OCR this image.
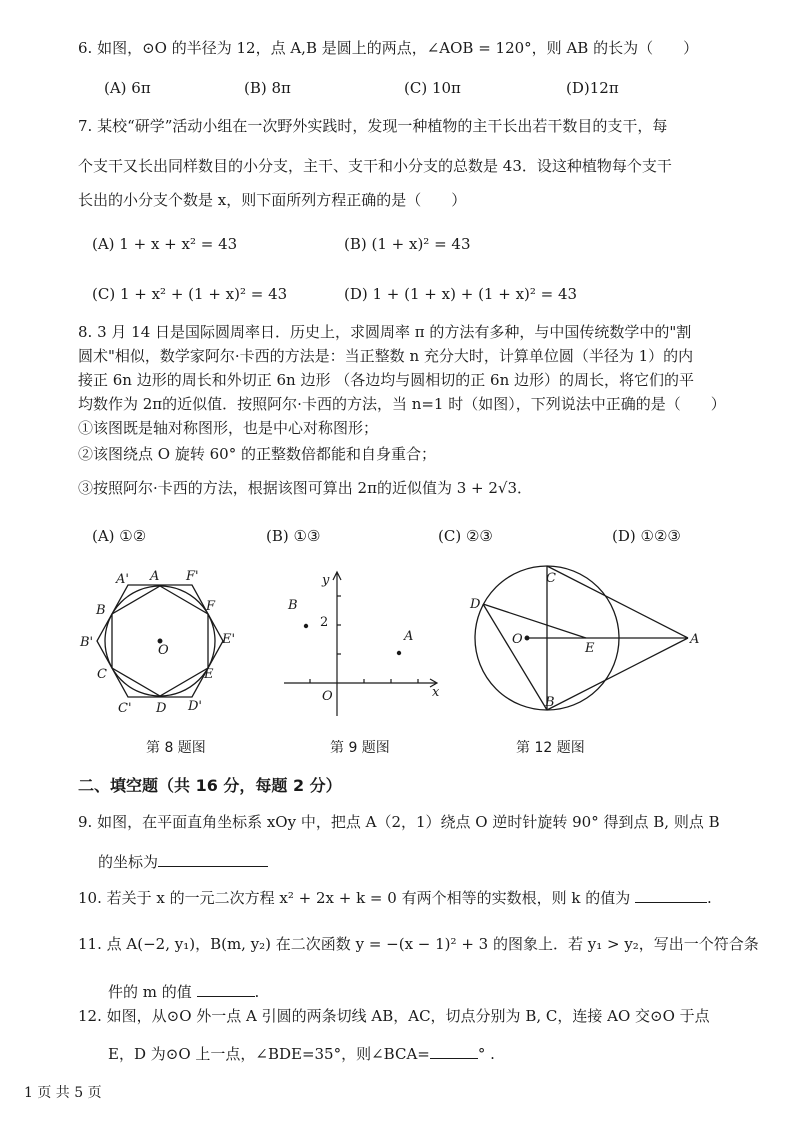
6. 如图，⊙O 的半径为 12，点 A,B 是圆上的两点，∠AOB = 120°，则 AB 的长为（　　）
(A) 6π	(B) 8π	(C) 10π	(D)12π
7. 某校“研学”活动小组在一次野外实践时，发现一种植物的主干长出若干数目的支干，每
个支干又长出同样数目的小分支，主干、支干和小分支的总数是 43．设这种植物每个支干
长出的小分支个数是 x，则下面所列方程正确的是（　　）
(A) 1 + x + x² = 43	(B) (1 + x)² = 43
(C) 1 + x² + (1 + x)² = 43	(D) 1 + (1 + x) + (1 + x)² = 43
8. 3 月 14 日是国际圆周率日．历史上，求圆周率 π 的方法有多种，与中国传统数学中的"割
圆术"相似，数学家阿尔·卡西的方法是：当正整数 n 充分大时，计算单位圆（半径为 1）的内
接正 6n 边形的周长和外切正 6n 边形 （各边均与圆相切的正 6n 边形）的周长，将它们的平
均数作为 2π的近似值．按照阿尔·卡西的方法，当 n=1 时（如图），下列说法中正确的是（　　）
①该图既是轴对称图形，也是中心对称图形；
②该图绕点 O 旋转 60° 的正整数倍都能和自身重合；
③按照阿尔·卡西的方法，根据该图可算出 2π的近似值为 3 + 2√3．
(A) ①②	(B) ①③	(C) ②③	(D) ①②③
A' A F'
B	F
B'	E'
O
C	E
C' D D'
y
B
2
A
O	x
C
D
O
E
A
B
第 8 题图	第 9 题图	第 12 题图
二、填空题（共 16 分，每题 2 分）
9. 如图，在平面直角坐标系 xOy 中，把点 A（2，1）绕点 O 逆时针旋转 90° 得到点 B, 则点 B
的坐标为
10. 若关于 x 的一元二次方程 x² + 2x + k = 0 有两个相等的实数根，则 k 的值为	.
11. 点 A(−2, y₁)，B(m, y₂) 在二次函数 y = −(x − 1)² + 3 的图象上．若 y₁ > y₂，写出一个符合条
件的 m 的值	.
12. 如图，从⊙O 外一点 A 引圆的两条切线 AB，AC，切点分别为 B, C，连接 AO 交⊙O 于点
E，D 为⊙O 上一点，∠BDE=35°，则∠BCA=	° .
1 页 共 5 页
